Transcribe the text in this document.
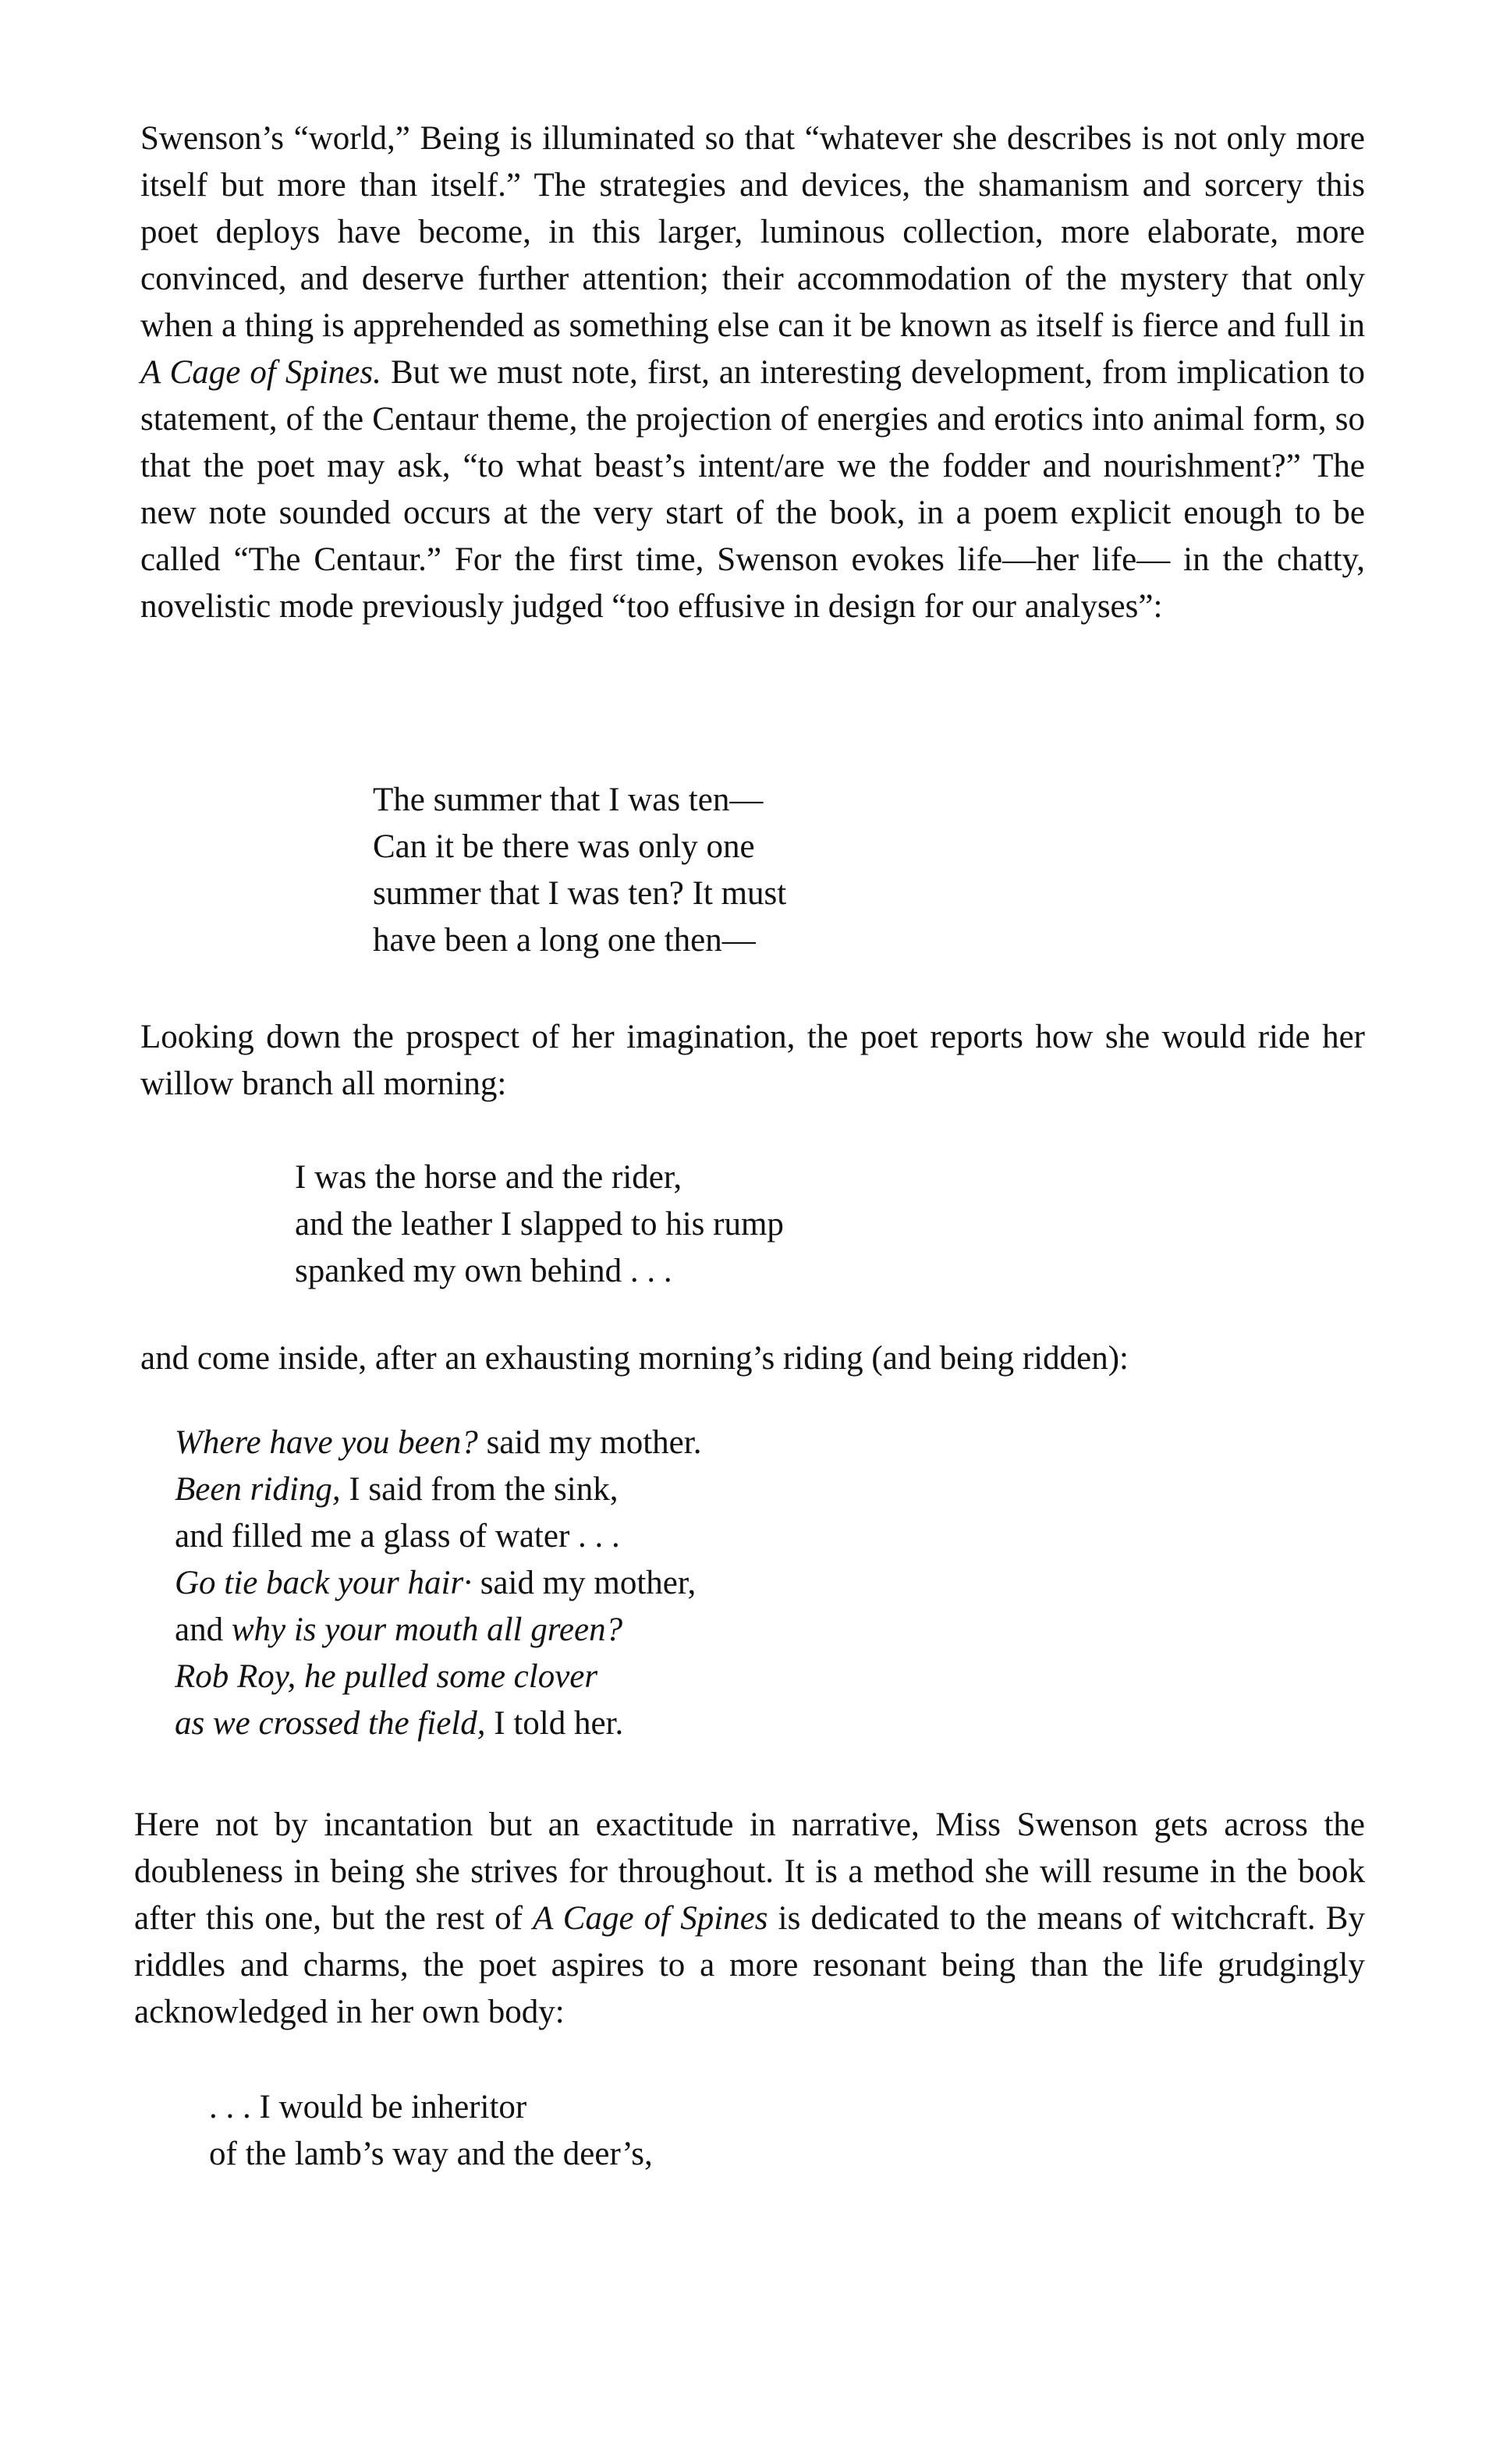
Swenson’s “world,” Being is illuminated so that “whatever she describes is not only more itself but more than itself.” The strategies and devices, the shamanism and sorcery this poet deploys have become, in this larger, luminous collection, more elaborate, more convinced, and deserve further attention; their accommodation of the mystery that only when a thing is apprehended as something else can it be known as itself is fierce and full in A Cage of Spines. But we must note, first, an interesting development, from implication to statement, of the Centaur theme, the projection of energies and erotics into animal form, so that the poet may ask, “to what beast’s intent/are we the fodder and nourishment?” The new note sounded occurs at the very start of the book, in a poem explicit enough to be called “The Centaur.” For the first time, Swenson evokes life—her life— in the chatty, novelistic mode previously judged “too effusive in design for our analyses”:

The summer that I was ten—
Can it be there was only one
summer that I was ten? It must
have been a long one then—

Looking down the prospect of her imagination, the poet reports how she would ride her willow branch all morning:

I was the horse and the rider,
and the leather I slapped to his rump
spanked my own behind . . .

and come inside, after an exhausting morning’s riding (and being ridden):

Where have you been? said my mother.
Been riding, I said from the sink,
and filled me a glass of water . . .
Go tie back your hair· said my mother,
and why is your mouth all green?
Rob Roy, he pulled some clover
as we crossed the field, I told her.

Here not by incantation but an exactitude in narrative, Miss Swenson gets across the doubleness in being she strives for throughout. It is a method she will resume in the book after this one, but the rest of A Cage of Spines is dedicated to the means of witchcraft. By riddles and charms, the poet aspires to a more resonant being than the life grudgingly acknowledged in her own body:

. . . I would be inheritor
of the lamb’s way and the deer’s,
